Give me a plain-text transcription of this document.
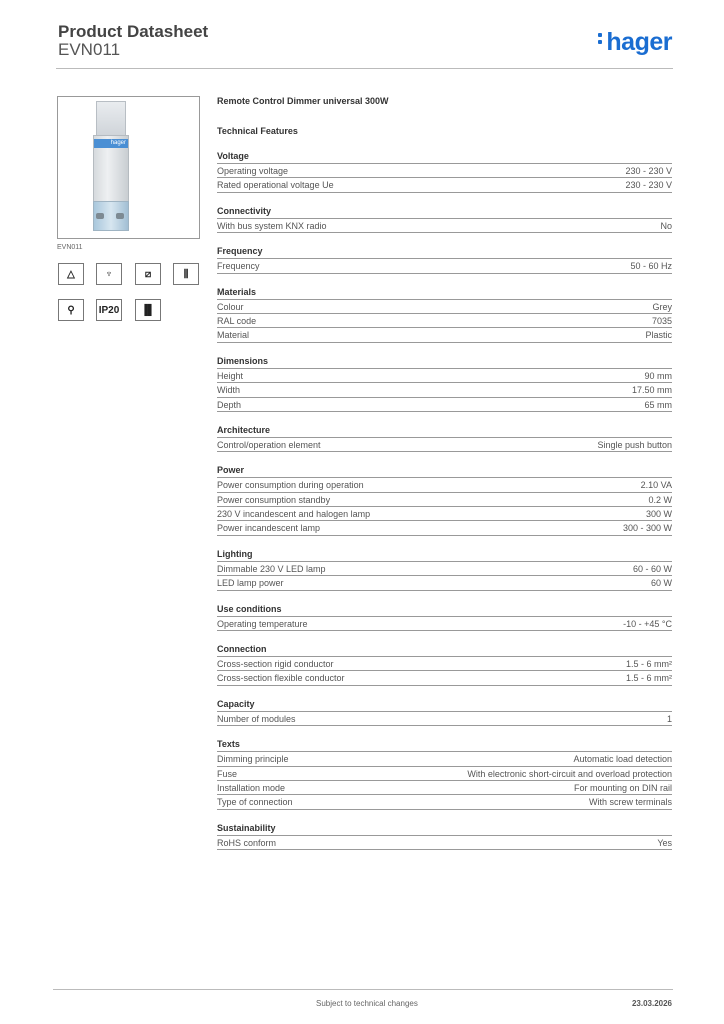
Product Datasheet
EVN011	hager
hager
EVN011
△	♆	⧄	⫼
⚲	IP20	▐▌
Remote Control Dimmer universal 300W
Technical Features
Voltage
Operating voltage	230 - 230 V
Rated operational voltage Ue	230 - 230 V
Connectivity
With bus system KNX radio	No
Frequency
Frequency	50 - 60 Hz
Materials
Colour	Grey
RAL code	7035
Material	Plastic
Dimensions
Height	90 mm
Width	17.50 mm
Depth	65 mm
Architecture
Control/operation element	Single push button
Power
Power consumption during operation	2.10 VA
Power consumption standby	0.2 W
230 V incandescent and halogen lamp	300 W
Power incandescent lamp	300 - 300 W
Lighting
Dimmable 230 V LED lamp	60 - 60 W
LED lamp power	60 W
Use conditions
Operating temperature	-10 - +45 °C
Connection
Cross-section rigid conductor	1.5 - 6 mm²
Cross-section flexible conductor	1.5 - 6 mm²
Capacity
Number of modules	1
Texts
Dimming principle	Automatic load detection
Fuse	With electronic short-circuit and overload protection
Installation mode	For mounting on DIN rail
Type of connection	With screw terminals
Sustainability
RoHS conform	Yes
Subject to technical changes	23.03.2026
